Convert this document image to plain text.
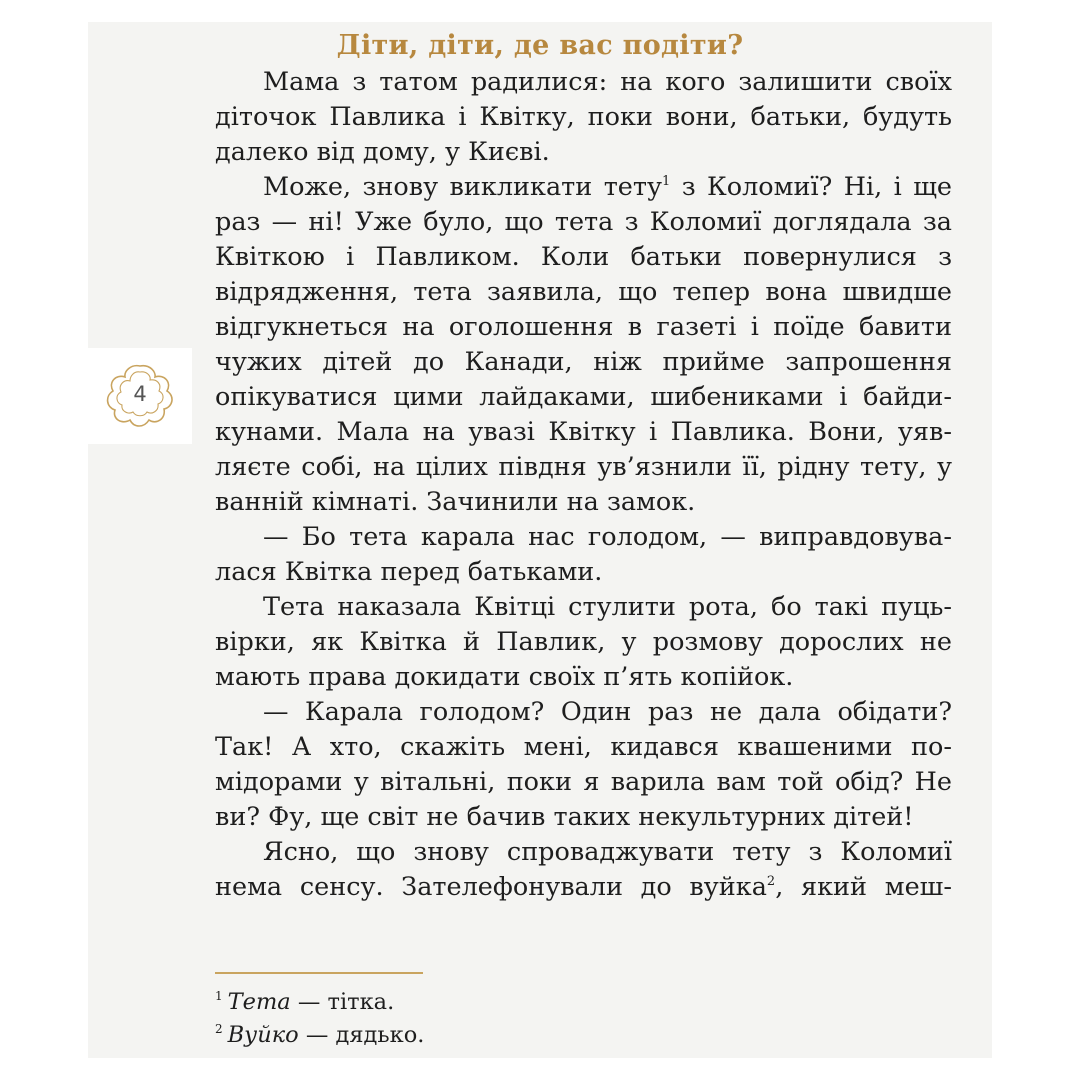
4
Діти, діти, де вас подіти?

Мама з татом радилися: на кого залишити своїх діточок Павлика і Квітку, поки вони, батьки, будуть далеко від дому, у Києві.

Може, знову викликати тету$^1$ з Коломиї? Ні, і ще раз — ні! Уже було, що тета з Коломиї доглядала за Квіткою і Павликом. Коли батьки повернулися з відрядження, тета заявила, що тепер вона швидше відгукнеться на оголошення в газеті і поїде бавити чужих дітей до Канади, ніж прийме запрошення опікуватися цими лайдаками, шибениками і байдикунами. Мала на увазі Квітку і Павлика. Вони, уявляєте собі, на цілих півдня ув’язнили її, рідну тету, у ванній кімнаті. Зачинили на замок.

— Бо тета карала нас голодом, — виправдовувалася Квітка перед батьками.

Тета наказала Квітці стулити рота, бо такі пуцьвірки, як Квітка й Павлик, у розмову дорослих не мають права докидати своїх п’ять копійок.

— Карала голодом? Один раз не дала обідати? Так! А хто, скажіть мені, кидався квашеними помідорами у вітальні, поки я варила вам той обід? Не ви? Фу, ще світ не бачив таких некультурних дітей!

Ясно, що знову спроваджувати тету з Коломиї нема сенсу. Зателефонували до вуйка$^2$, який меш-

$^1$ Тета — тітка.
$^2$ Вуйко — дядько.
